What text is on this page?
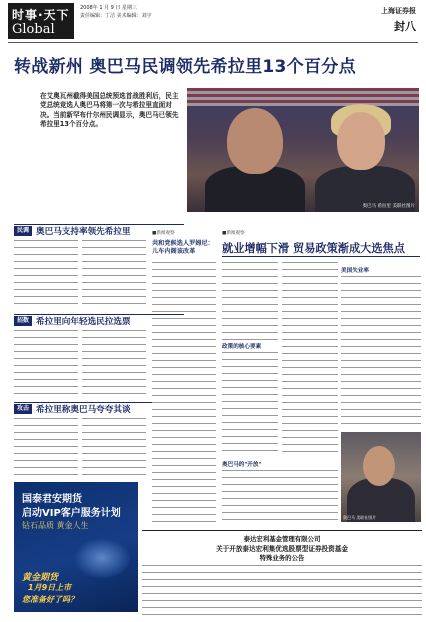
时事·天下
Global
2008年 1 月 9 日 星期三
责任编辑：丁洁 美术编辑：刘宇
上海证券报
封八
转战新州 奥巴马民调领先希拉里13个百分点
在艾奥瓦州截得美国总统预选首战胜利后，民主党总统竞选人奥巴马将第一次与希拉里直面对决。当前新罕布什尔州民调显示，奥巴马已领先希拉里13个百分点。
奥巴马 希拉里 美联社图片
民调 奥巴马支持率领先希拉里
招数 希拉里向年轻选民拉选票
攻击 希拉里称奥巴马夸夸其谈
■新闻观察
共和党候选人罗姆尼：儿车内阁该改革
■新闻观察
就业增幅下滑 贸易政策渐成大选焦点
政策的核心要素
美国失业率
奥巴马的"开放"
奥巴马 美联社图片
国泰君安期货
启动VIP客户服务计划
钻石品质 黄金人生
黄金期货
1月9日上市
您准备好了吗？
泰达宏利基金管理有限公司
关于开放泰达宏利集优选股票型证券投资基金
特殊业务的公告
